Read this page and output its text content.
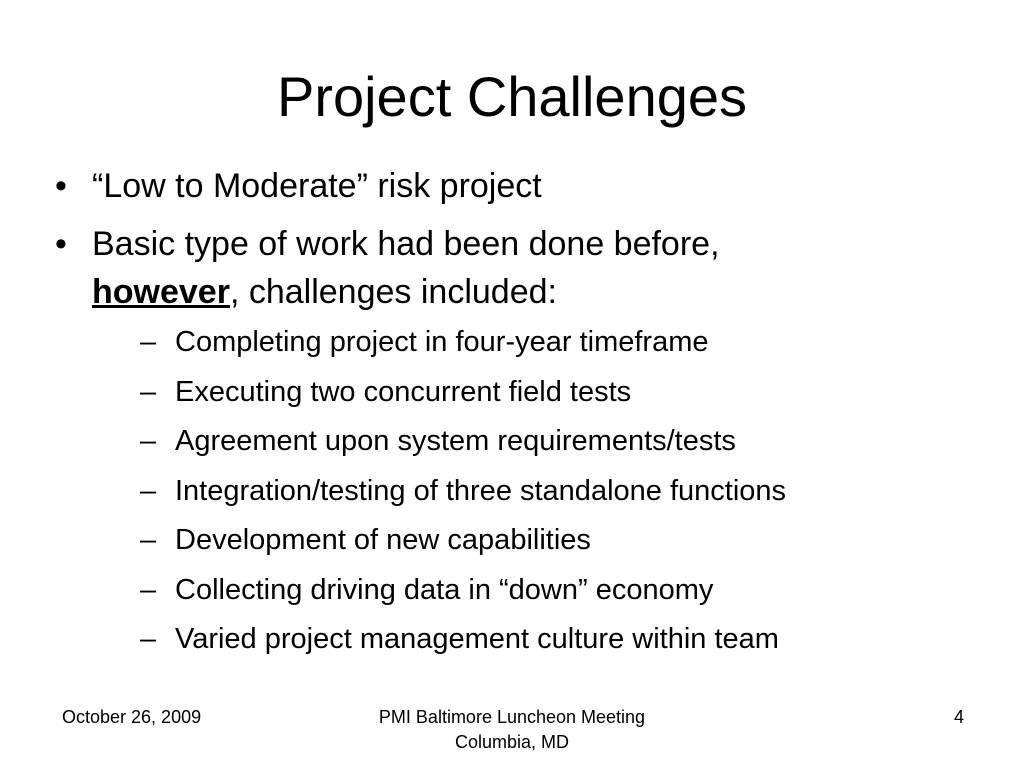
Project Challenges
• “Low to Moderate” risk project
• Basic type of work had been done before,
however, challenges included:
– Completing project in four-year timeframe
– Executing two concurrent field tests
– Agreement upon system requirements/tests
– Integration/testing of three standalone functions
– Development of new capabilities
– Collecting driving data in “down” economy
– Varied project management culture within team
October 26, 2009	PMI Baltimore Luncheon Meeting
Columbia, MD
4
